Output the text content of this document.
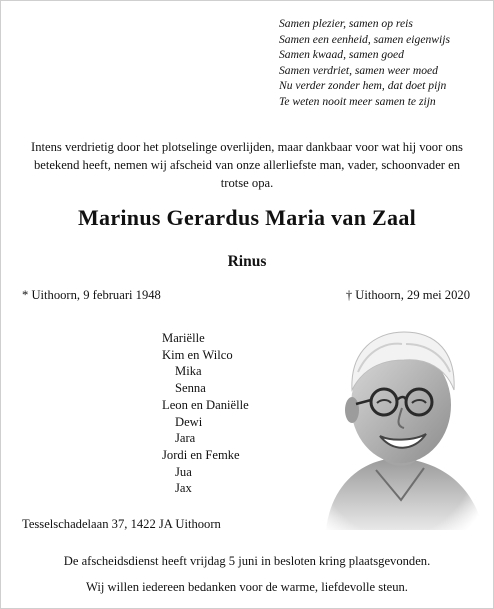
Samen plezier, samen op reis
Samen een eenheid, samen eigenwijs
Samen kwaad, samen goed
Samen verdriet, samen weer moed
Nu verder zonder hem, dat doet pijn
Te weten nooit meer samen te zijn
Intens verdrietig door het plotselinge overlijden, maar dankbaar voor wat hij voor ons betekend heeft, nemen wij afscheid van onze allerliefste man, vader, schoonvader en trotse opa.
Marinus Gerardus Maria van Zaal
Rinus
* Uithoorn, 9 februari 1948	† Uithoorn, 29 mei 2020
Mariëlle
Kim en Wilco
Mika
Senna
Leon en Daniëlle
Dewi
Jara
Jordi en Femke
Jua
Jax
Tesselschadelaan 37, 1422 JA Uithoorn
De afscheidsdienst heeft vrijdag 5 juni in besloten kring plaatsgevonden.
Wij willen iedereen bedanken voor de warme, liefdevolle steun.
